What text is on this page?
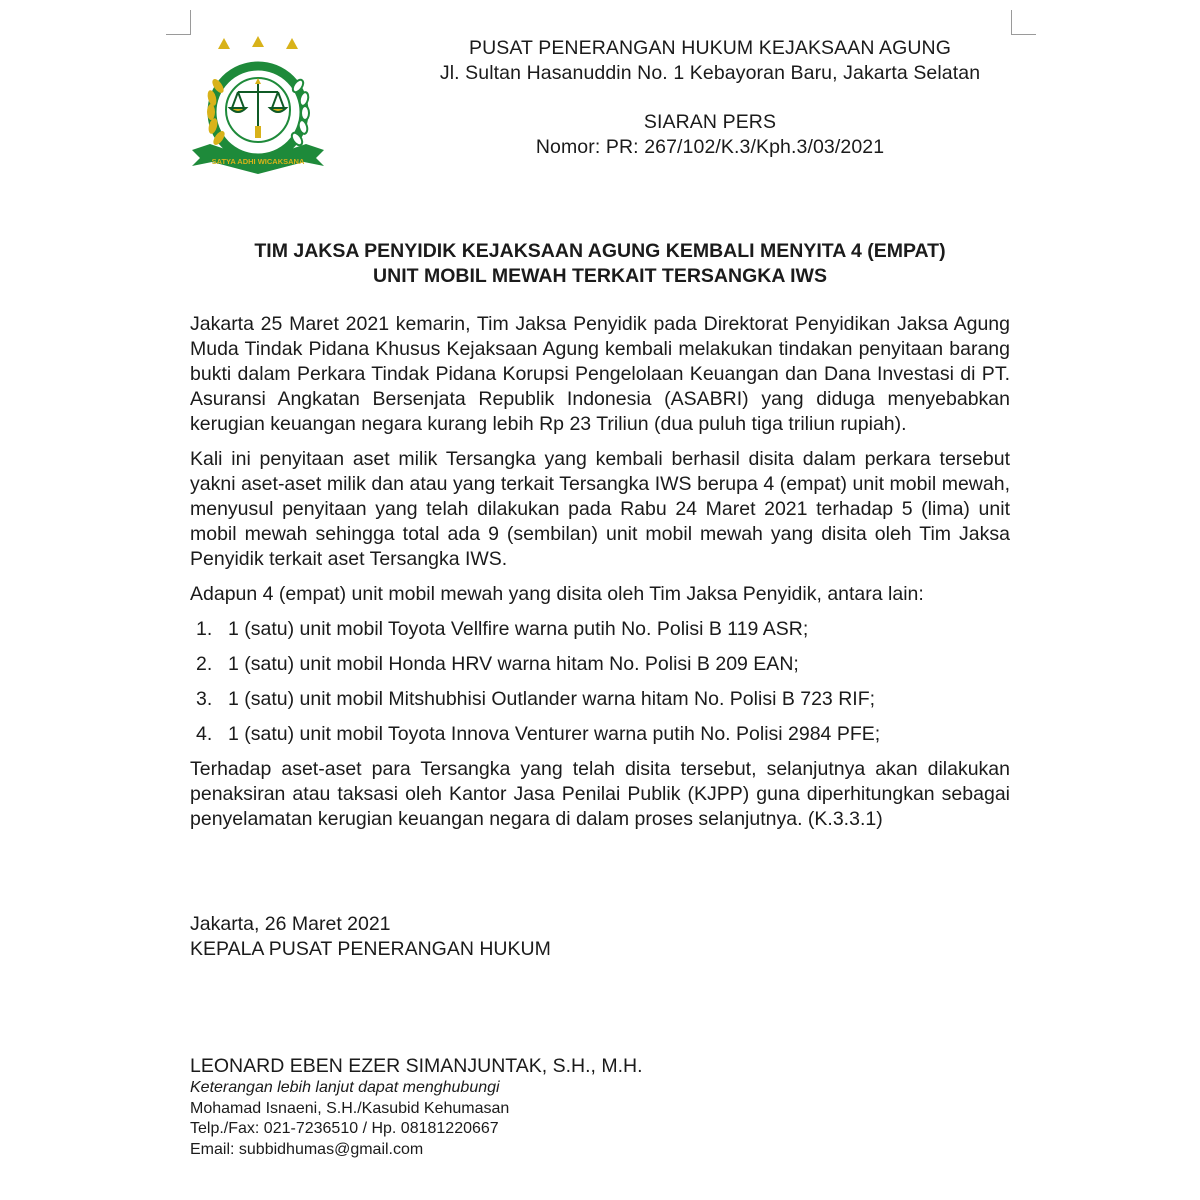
SATYA ADHI WICAKSANA
PUSAT PENERANGAN HUKUM KEJAKSAAN AGUNG
Jl. Sultan Hasanuddin No. 1 Kebayoran Baru, Jakarta Selatan
SIARAN PERS
Nomor: PR: 267/102/K.3/Kph.3/03/2021
TIM JAKSA PENYIDIK KEJAKSAAN AGUNG KEMBALI MENYITA 4 (EMPAT)
UNIT MOBIL MEWAH TERKAIT TERSANGKA IWS

Jakarta 25 Maret 2021 kemarin, Tim Jaksa Penyidik pada Direktorat Penyidikan Jaksa Agung Muda Tindak Pidana Khusus Kejaksaan Agung kembali melakukan tindakan penyitaan barang bukti dalam Perkara Tindak Pidana Korupsi Pengelolaan Keuangan dan Dana Investasi di PT. Asuransi Angkatan Bersenjata Republik Indonesia (ASABRI) yang diduga menyebabkan kerugian keuangan negara kurang lebih Rp 23 Triliun (dua puluh tiga triliun rupiah).

Kali ini penyitaan aset milik Tersangka yang kembali berhasil disita dalam perkara tersebut yakni aset-aset milik dan atau yang terkait Tersangka IWS berupa 4 (empat) unit mobil mewah, menyusul penyitaan yang telah dilakukan pada Rabu 24 Maret 2021 terhadap 5 (lima) unit mobil mewah sehingga total ada 9 (sembilan) unit mobil mewah yang disita oleh Tim Jaksa Penyidik terkait aset Tersangka IWS.

Adapun 4 (empat) unit mobil mewah yang disita oleh Tim Jaksa Penyidik, antara lain:

1. 1 (satu) unit mobil Toyota Vellfire warna putih No. Polisi B 119 ASR;
2. 1 (satu) unit mobil Honda HRV warna hitam No. Polisi B 209 EAN;
3. 1 (satu) unit mobil Mitshubhisi Outlander warna hitam No. Polisi B 723 RIF;
4. 1 (satu) unit mobil Toyota Innova Venturer warna putih No. Polisi 2984 PFE;

Terhadap aset-aset para Tersangka yang telah disita tersebut, selanjutnya akan dilakukan penaksiran atau taksasi oleh Kantor Jasa Penilai Publik (KJPP) guna diperhitungkan sebagai penyelamatan kerugian keuangan negara di dalam proses selanjutnya. (K.3.3.1)

Jakarta, 26 Maret 2021
KEPALA PUSAT PENERANGAN HUKUM
LEONARD EBEN EZER SIMANJUNTAK, S.H., M.H.
Keterangan lebih lanjut dapat menghubungi
Mohamad Isnaeni, S.H./Kasubid Kehumasan
Telp./Fax: 021-7236510 / Hp. 08181220667
Email: subbidhumas@gmail.com
